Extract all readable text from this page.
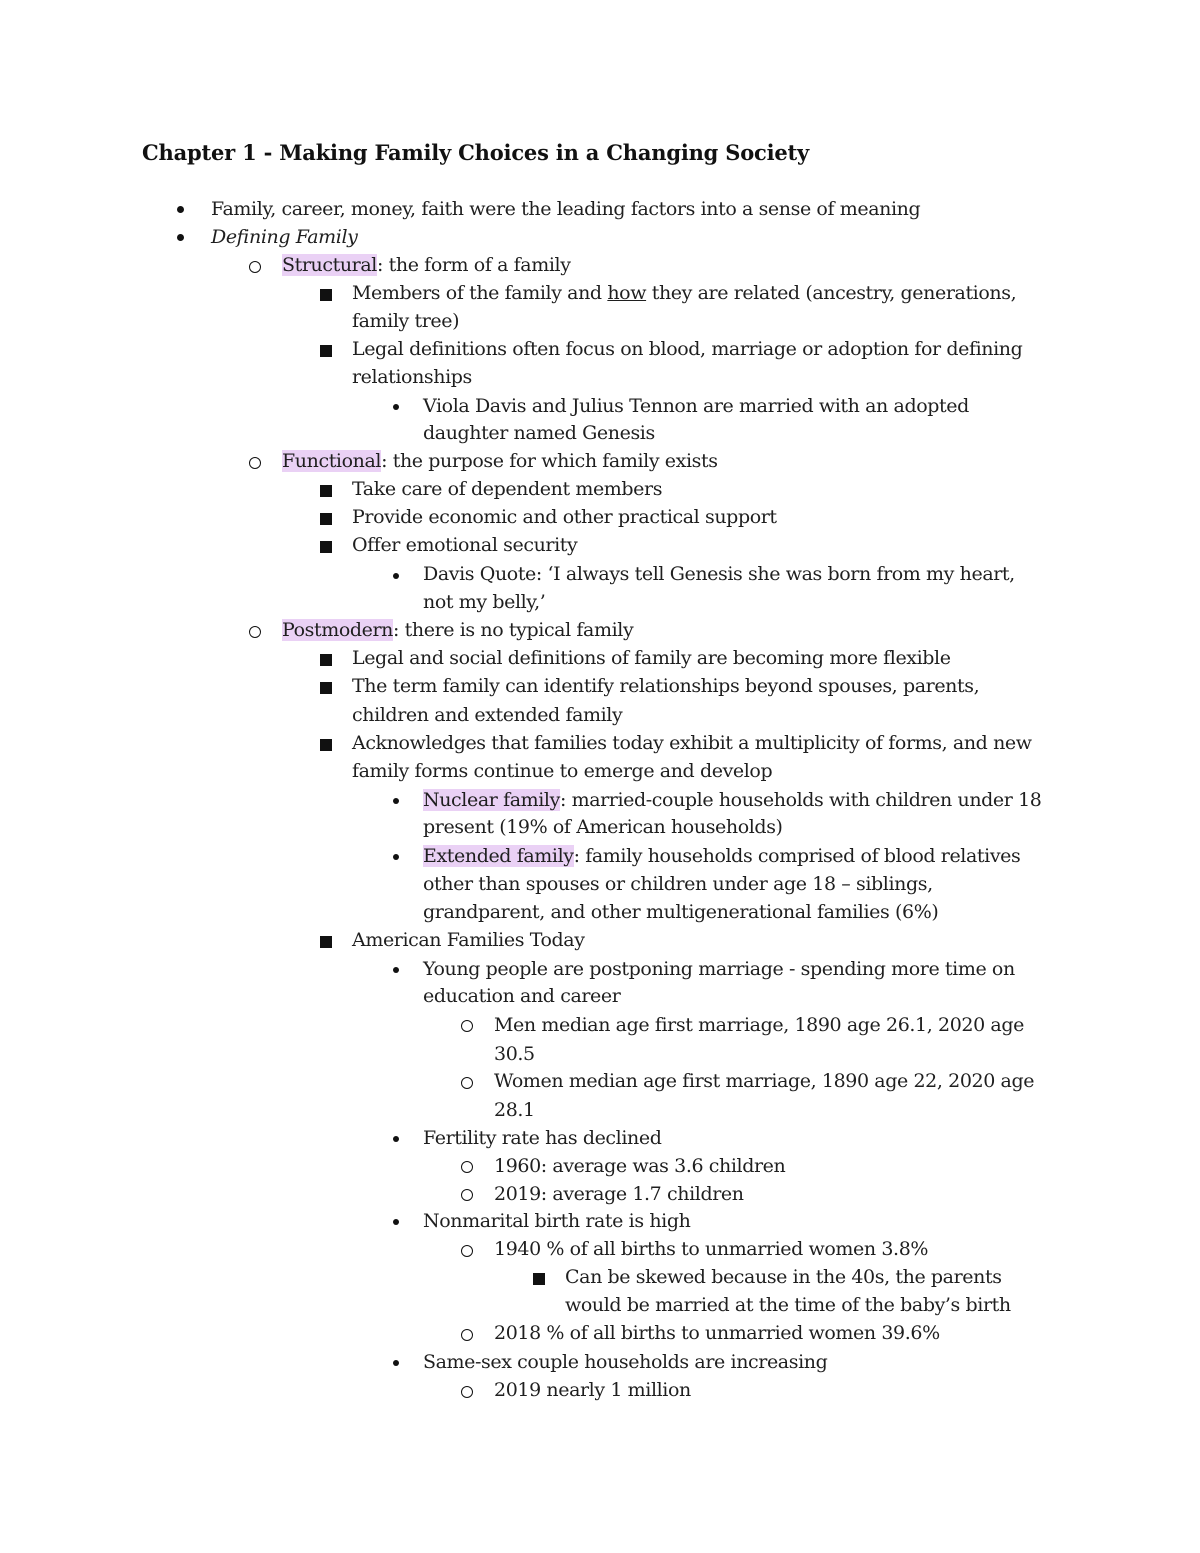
Chapter 1 - Making Family Choices in a Changing Society
Family, career, money, faith were the leading factors into a sense of meaning
Defining Family
Structural: the form of a family
Members of the family and how they are related (ancestry, generations,
family tree)
Legal definitions often focus on blood, marriage or adoption for defining
relationships
Viola Davis and Julius Tennon are married with an adopted
daughter named Genesis
Functional: the purpose for which family exists
Take care of dependent members
Provide economic and other practical support
Offer emotional security
Davis Quote: ‘I always tell Genesis she was born from my heart,
not my belly,’
Postmodern: there is no typical family
Legal and social definitions of family are becoming more flexible
The term family can identify relationships beyond spouses, parents,
children and extended family
Acknowledges that families today exhibit a multiplicity of forms, and new
family forms continue to emerge and develop
Nuclear family: married-couple households with children under 18
present (19% of American households)
Extended family: family households comprised of blood relatives
other than spouses or children under age 18 – siblings,
grandparent, and other multigenerational families (6%)
American Families Today
Young people are postponing marriage - spending more time on
education and career
Men median age first marriage, 1890 age 26.1, 2020 age
30.5
Women median age first marriage, 1890 age 22, 2020 age
28.1
Fertility rate has declined
1960: average was 3.6 children
2019: average 1.7 children
Nonmarital birth rate is high
1940 % of all births to unmarried women 3.8%
Can be skewed because in the 40s, the parents
would be married at the time of the baby’s birth
2018 % of all births to unmarried women 39.6%
Same-sex couple households are increasing
2019 nearly 1 million
